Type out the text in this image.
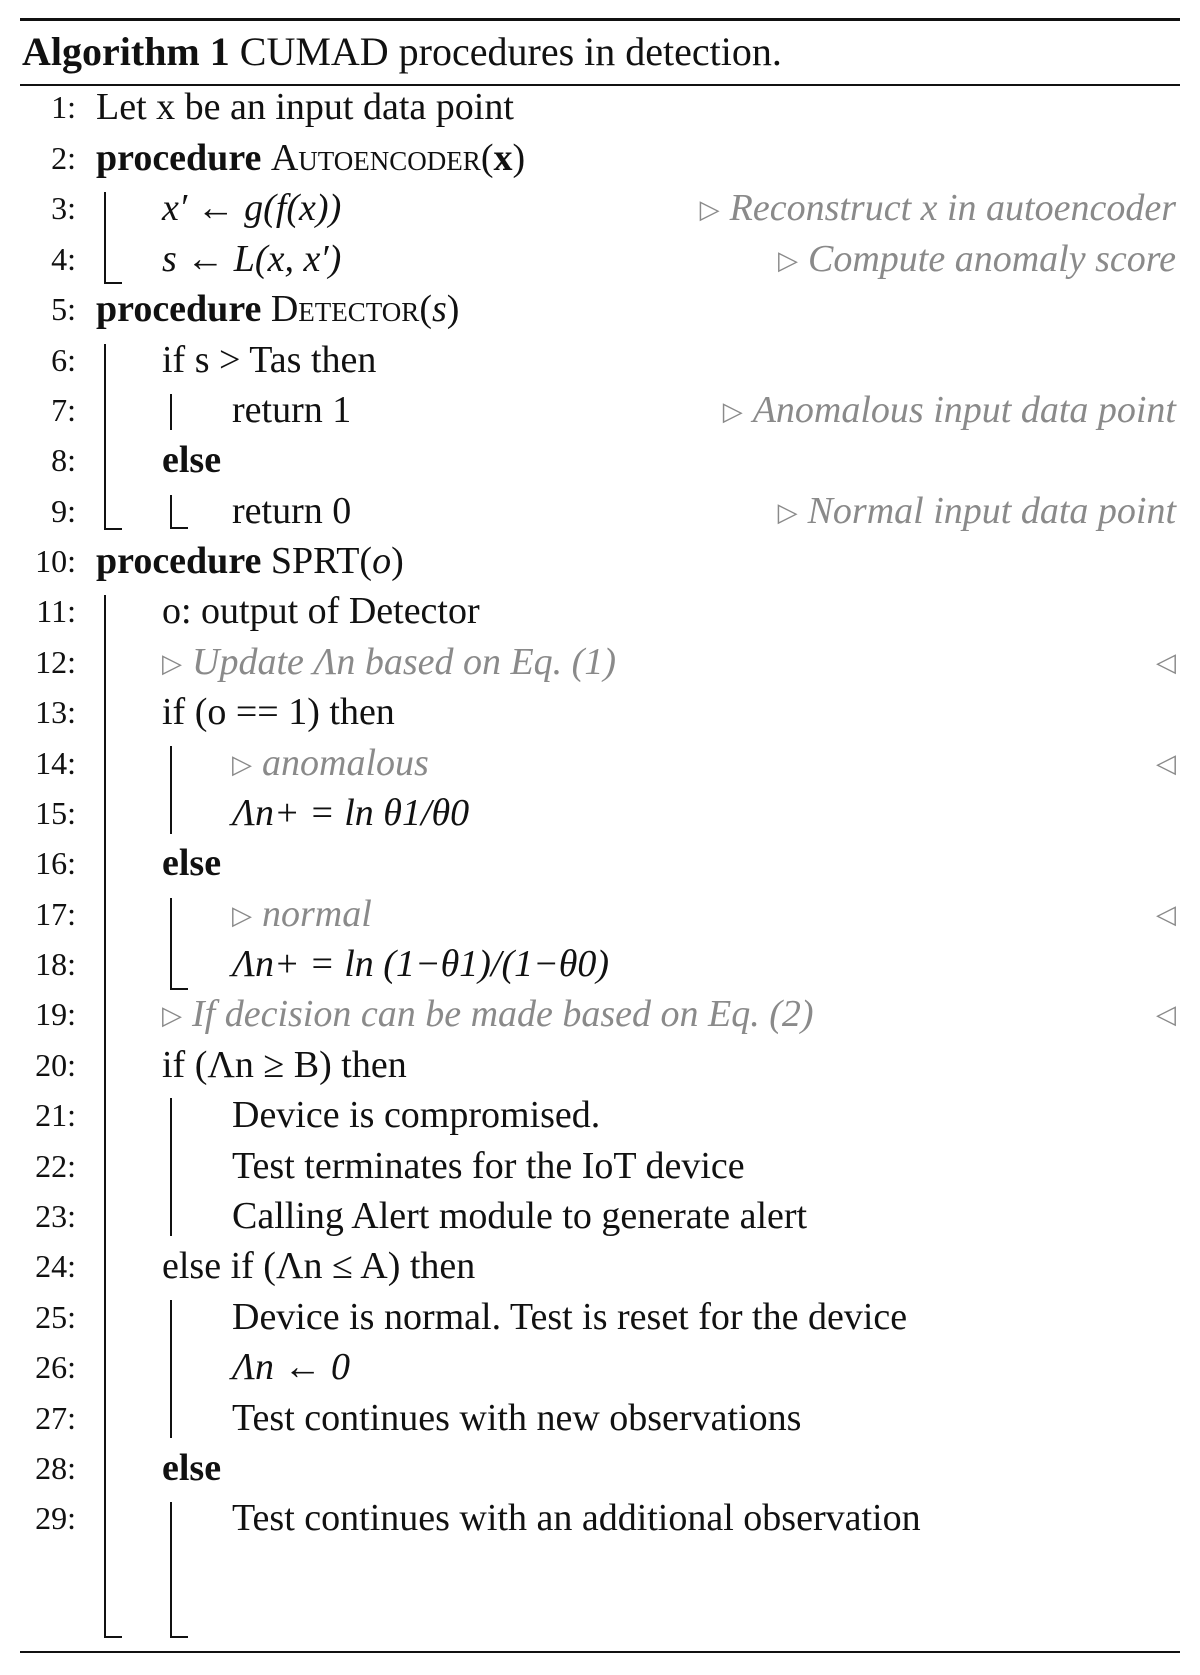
Algorithm 1 CUMAD procedures in detection.
1: Let x be an input data point
2: procedure Autoencoder(x)
3: x′ ← g(f(x))	▷ Reconstruct x in autoencoder
4: s ← L(x, x′)	▷ Compute anomaly score
5: procedure Detector(s)
6: if s > Tas then
7:	return 1	▷ Anomalous input data point
8: else
9:	return 0	▷ Normal input data point
10: procedure SPRT(o)
11: o: output of Detector
12:	▷ Update Λn based on Eq. (1)	◁
13: if (o == 1) then
14:	▷ anomalous	◁
15:	Λn+ = ln θ1/θ0
16: else
17:	▷ normal	◁
18:	Λn+ = ln (1−θ1)/(1−θ0)
19:	▷ If decision can be made based on Eq. (2)	◁
20: if (Λn ≥ B) then
21:	Device is compromised.
22:	Test terminates for the IoT device
23:	Calling Alert module to generate alert
24: else if (Λn ≤ A) then
25:	Device is normal. Test is reset for the device
26:	Λn ← 0
27:	Test continues with new observations
28: else
29:	Test continues with an additional observation
